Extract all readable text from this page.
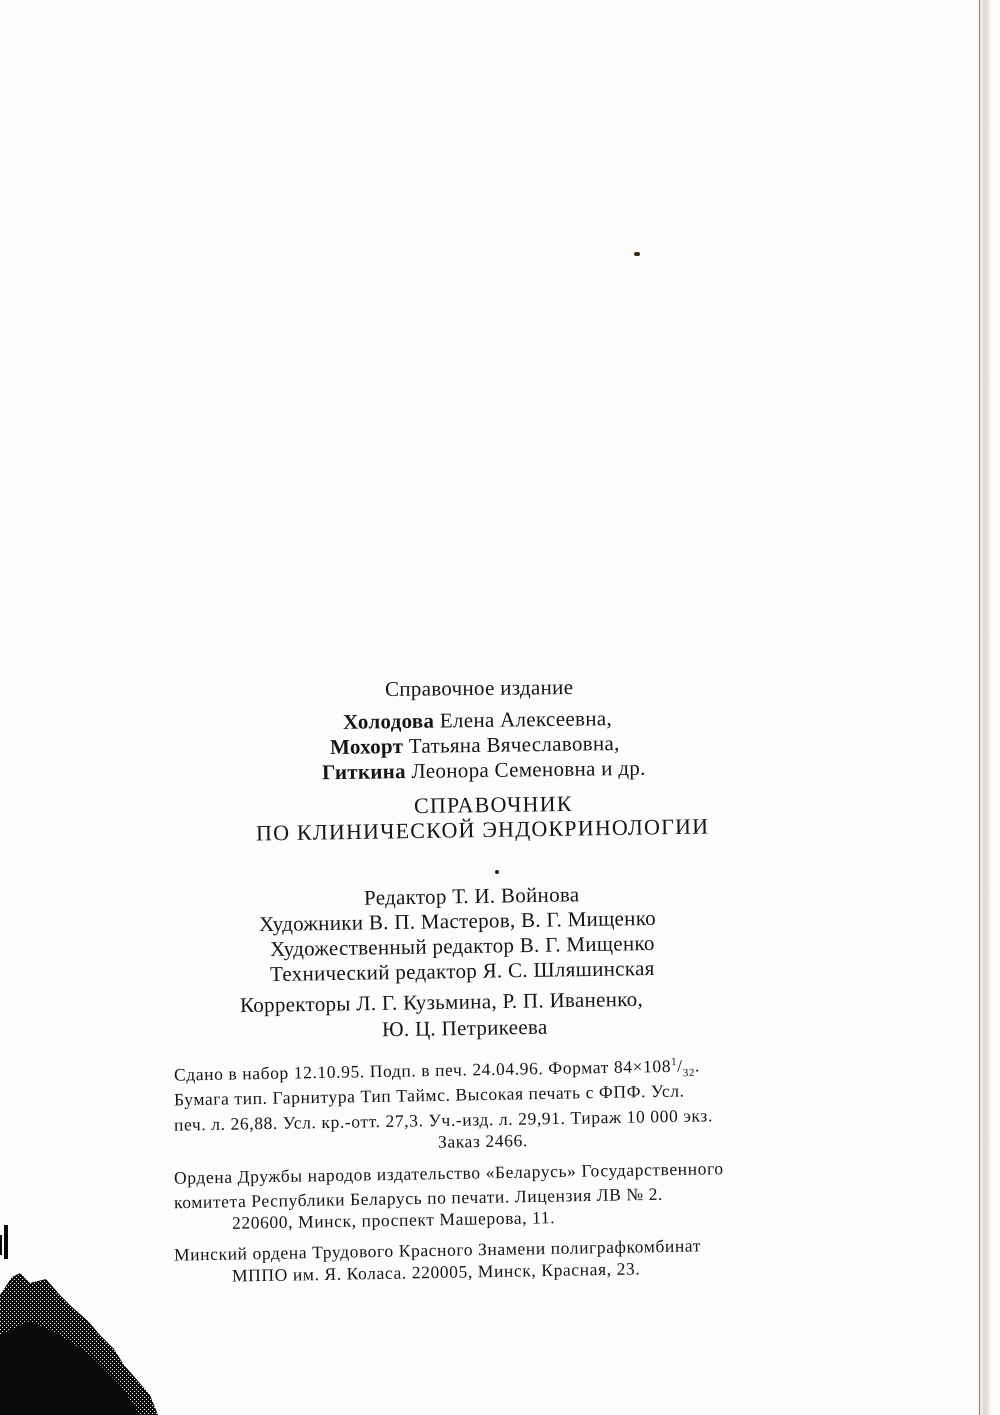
Справочное издание
Холодова Елена Алексеевна,
Мохорт Татьяна Вячеславовна,
Гиткина Леонора Семеновна и др.
СПРАВОЧНИК
ПО КЛИНИЧЕСКОЙ ЭНДОКРИНОЛОГИИ
Редактор Т. И. Войнова
Художники В. П. Мастеров, В. Г. Мищенко
Художественный редактор В. Г. Мищенко
Технический редактор Я. С. Шляшинская
Корректоры Л. Г. Кузьмина, Р. П. Иваненко,
Ю. Ц. Петрикеева
Сдано в набор 12.10.95. Подп. в печ. 24.04.96. Формат $84\times 108^1/_{32}$.
Бумага тип. Гарнитура Тип Таймс. Высокая печать с ФПФ. Усл.
печ. л. 26,88. Усл. кр.-отт. 27,3. Уч.-изд. л. 29,91. Тираж 10 000 экз.
Заказ 2466.
Ордена Дружбы народов издательство «Беларусь» Государственного
комитета Республики Беларусь по печати. Лицензия ЛВ № 2.
220600, Минск, проспект Машерова, 11.
Минский ордена Трудового Красного Знамени полиграфкомбинат
МППО им. Я. Коласа. 220005, Минск, Красная, 23.
